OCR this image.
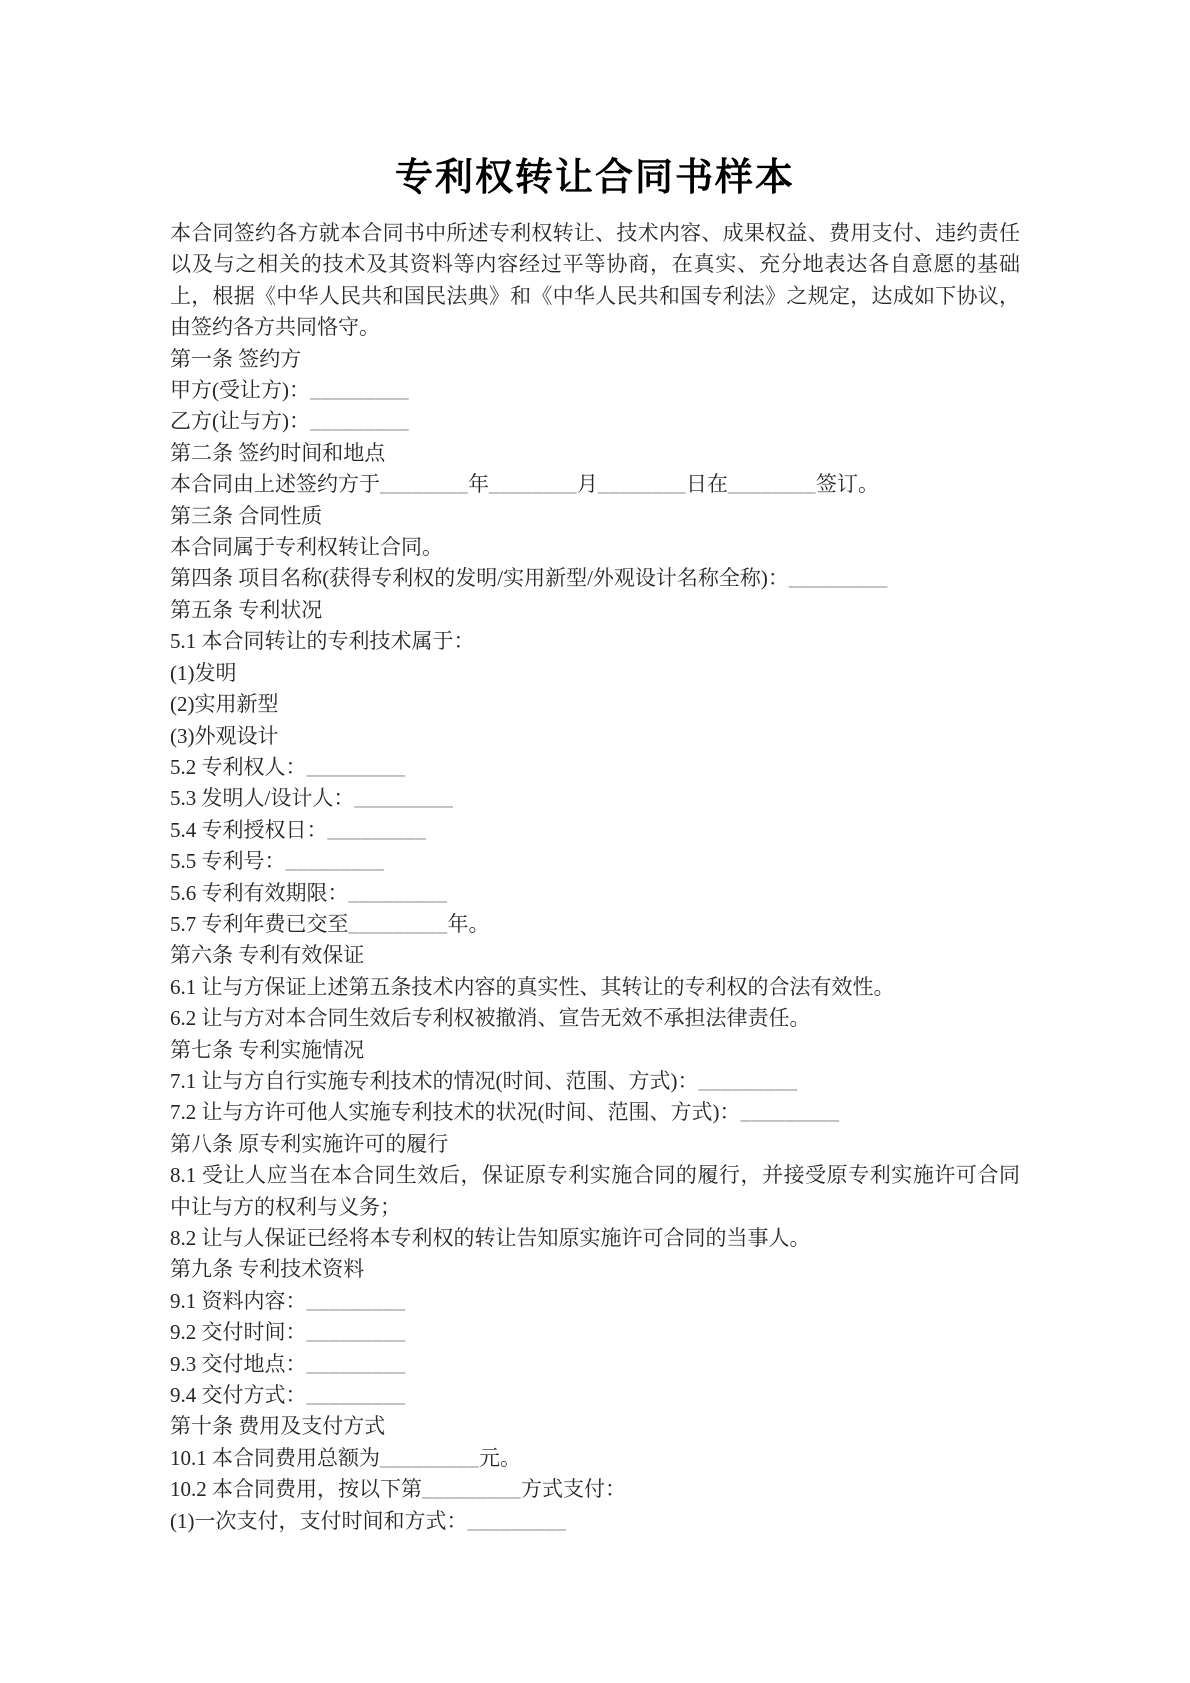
专利权转让合同书样本

本合同签约各方就本合同书中所述专利权转让、技术内容、成果权益、费用支付、违约责任以及与之相关的技术及其资料等内容经过平等协商，在真实、充分地表达各自意愿的基础上，根据《中华人民共和国民法典》和《中华人民共和国专利法》之规定，达成如下协议，由签约各方共同恪守。

第一条 签约方

甲方(受让方)：_________

乙方(让与方)：_________

第二条 签约时间和地点

本合同由上述签约方于________年________月________日在________签订。

第三条 合同性质

本合同属于专利权转让合同。

第四条 项目名称(获得专利权的发明/实用新型/外观设计名称全称)：_________

第五条 专利状况

5.1 本合同转让的专利技术属于：

(1)发明

(2)实用新型

(3)外观设计

5.2 专利权人：_________

5.3 发明人/设计人：_________

5.4 专利授权日：_________

5.5 专利号：_________

5.6 专利有效期限：_________

5.7 专利年费已交至_________年。

第六条 专利有效保证

6.1 让与方保证上述第五条技术内容的真实性、其转让的专利权的合法有效性。

6.2 让与方对本合同生效后专利权被撤消、宣告无效不承担法律责任。

第七条 专利实施情况

7.1 让与方自行实施专利技术的情况(时间、范围、方式)：_________

7.2 让与方许可他人实施专利技术的状况(时间、范围、方式)：_________

第八条 原专利实施许可的履行

8.1 受让人应当在本合同生效后，保证原专利实施合同的履行，并接受原专利实施许可合同中让与方的权利与义务；

8.2 让与人保证已经将本专利权的转让告知原实施许可合同的当事人。

第九条 专利技术资料

9.1 资料内容：_________

9.2 交付时间：_________

9.3 交付地点：_________

9.4 交付方式：_________

第十条 费用及支付方式

10.1 本合同费用总额为_________元。

10.2 本合同费用，按以下第_________方式支付：

(1)一次支付，支付时间和方式：_________
